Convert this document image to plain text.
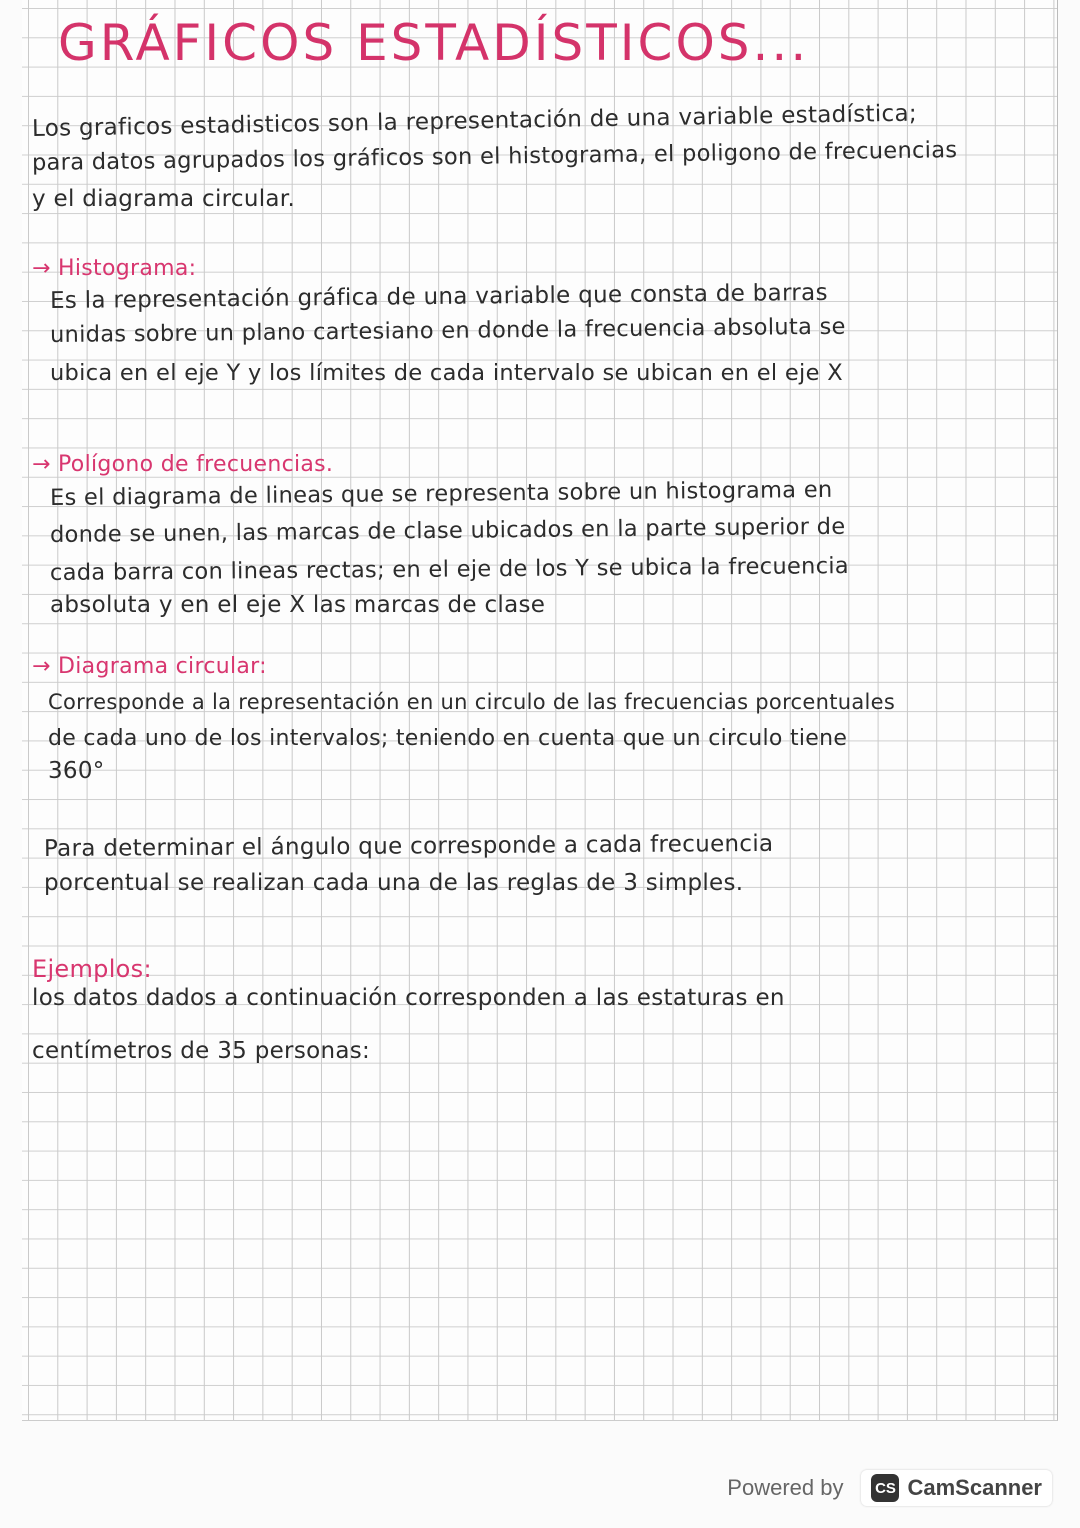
GRÁFICOS ESTADÍSTICOS...
Los graficos estadisticos son la representación de una variable estadística;
para datos agrupados los gráficos son el histograma, el poligono de frecuencias
y el diagrama circular.
→ Histograma:
Es la representación gráfica de una variable que consta de barras
unidas sobre un plano cartesiano en donde la frecuencia absoluta se
ubica en el eje Y y los límites de cada intervalo se ubican en el eje X
→ Polígono de frecuencias.
Es el diagrama de lineas que se representa sobre un histograma en
donde se unen, las marcas de clase ubicados en la parte superior de
cada barra con lineas rectas; en el eje de los Y se ubica la frecuencia
absoluta y en el eje X las marcas de clase
→ Diagrama circular:
Corresponde a la representación en un circulo de las frecuencias porcentuales
de cada uno de los intervalos; teniendo en cuenta que un circulo tiene
360°
Para determinar el ángulo que corresponde a cada frecuencia
porcentual se realizan cada una de las reglas de 3 simples.
Ejemplos:
los datos dados a continuación corresponden a las estaturas en
centímetros de 35 personas:
Powered by CS CamScanner
